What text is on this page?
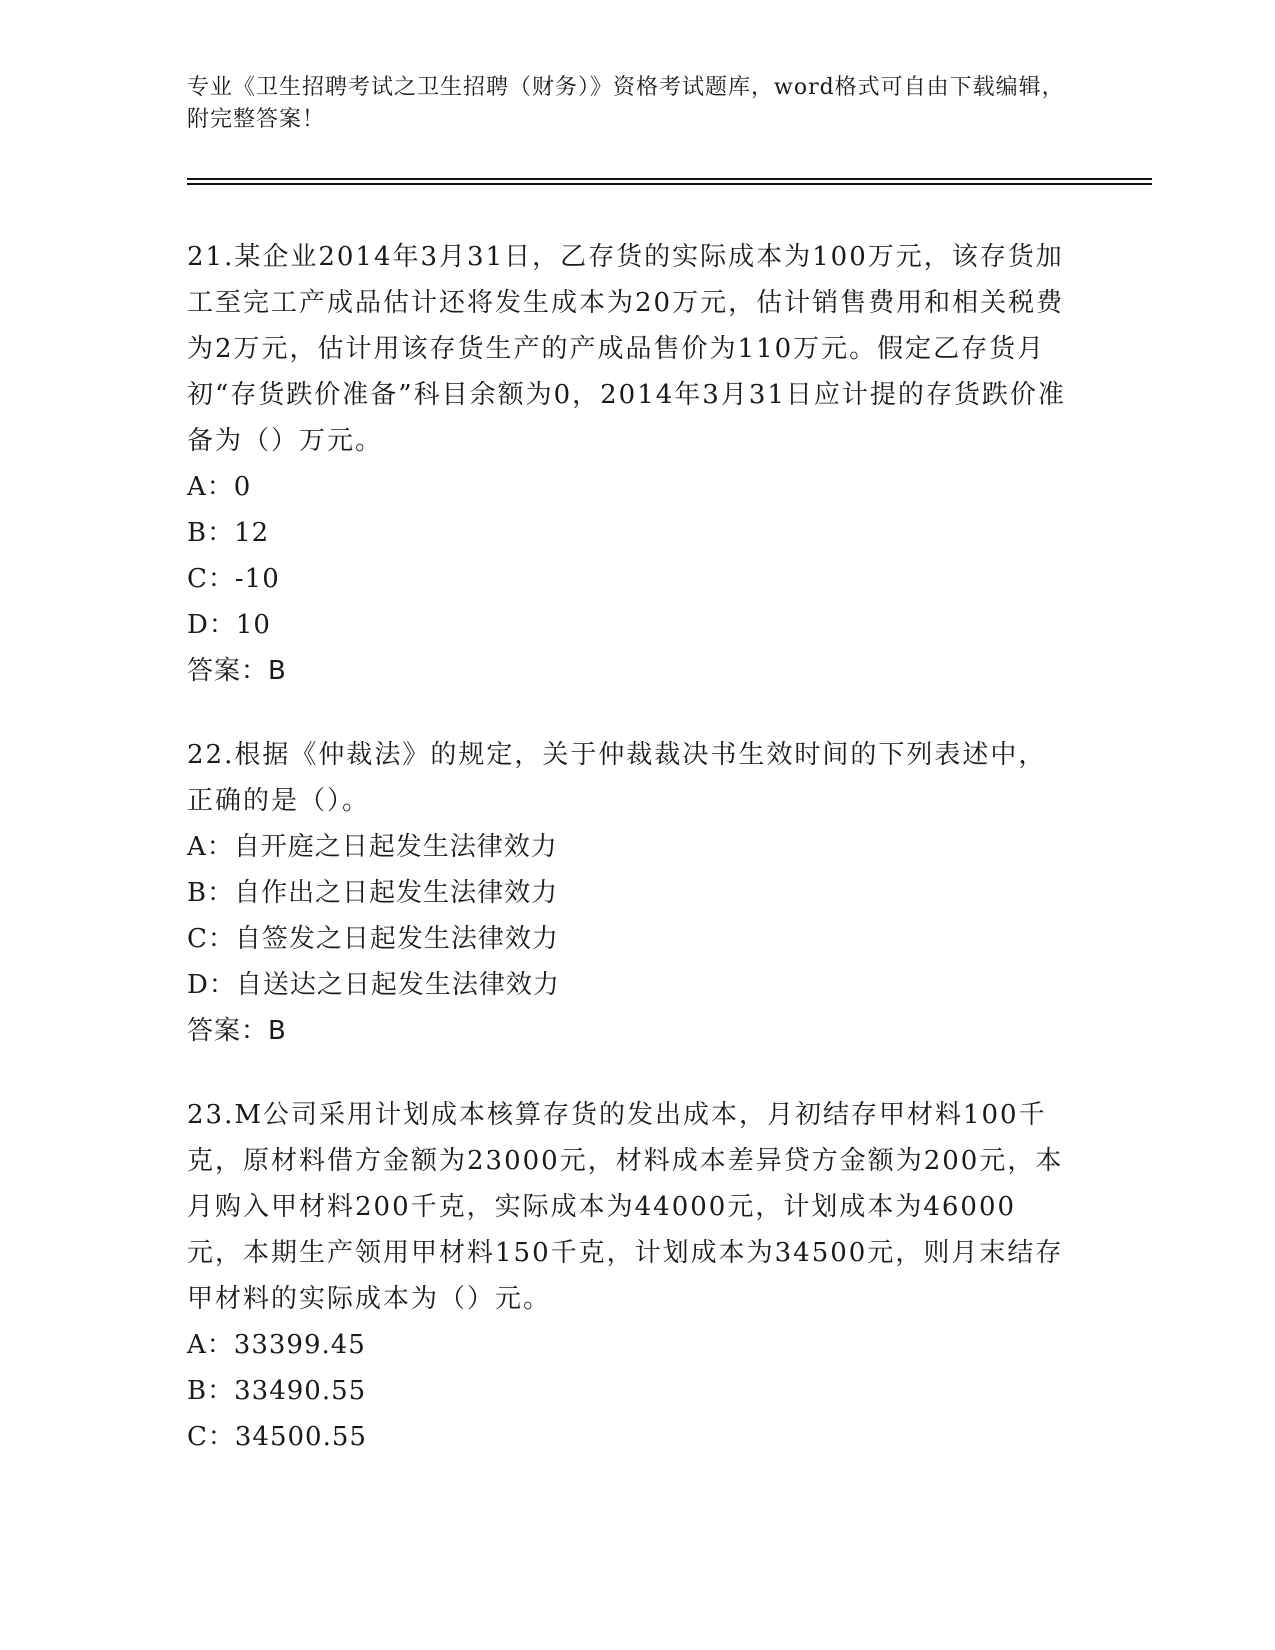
专业《卫生招聘考试之卫生招聘（财务）》资格考试题库，word格式可自由下载编辑，附完整答案！

21.某企业2014年3月31日，乙存货的实际成本为100万元，该存货加工至完工产成品估计还将发生成本为20万元，估计销售费用和相关税费为2万元，估计用该存货生产的产成品售价为110万元。假定乙存货月初“存货跌价准备”科目余额为0，2014年3月31日应计提的存货跌价准备为（）万元。

A：0

B：12

C：-10

D：10

答案：B

22.根据《仲裁法》的规定，关于仲裁裁决书生效时间的下列表述中，正确的是（）。

A：自开庭之日起发生法律效力

B：自作出之日起发生法律效力

C：自签发之日起发生法律效力

D：自送达之日起发生法律效力

答案：B

23.M公司采用计划成本核算存货的发出成本，月初结存甲材料100千克，原材料借方金额为23000元，材料成本差异贷方金额为200元，本月购入甲材料200千克，实际成本为44000元，计划成本为46000元，本期生产领用甲材料150千克，计划成本为34500元，则月末结存甲材料的实际成本为（）元。

A：33399.45

B：33490.55

C：34500.55
